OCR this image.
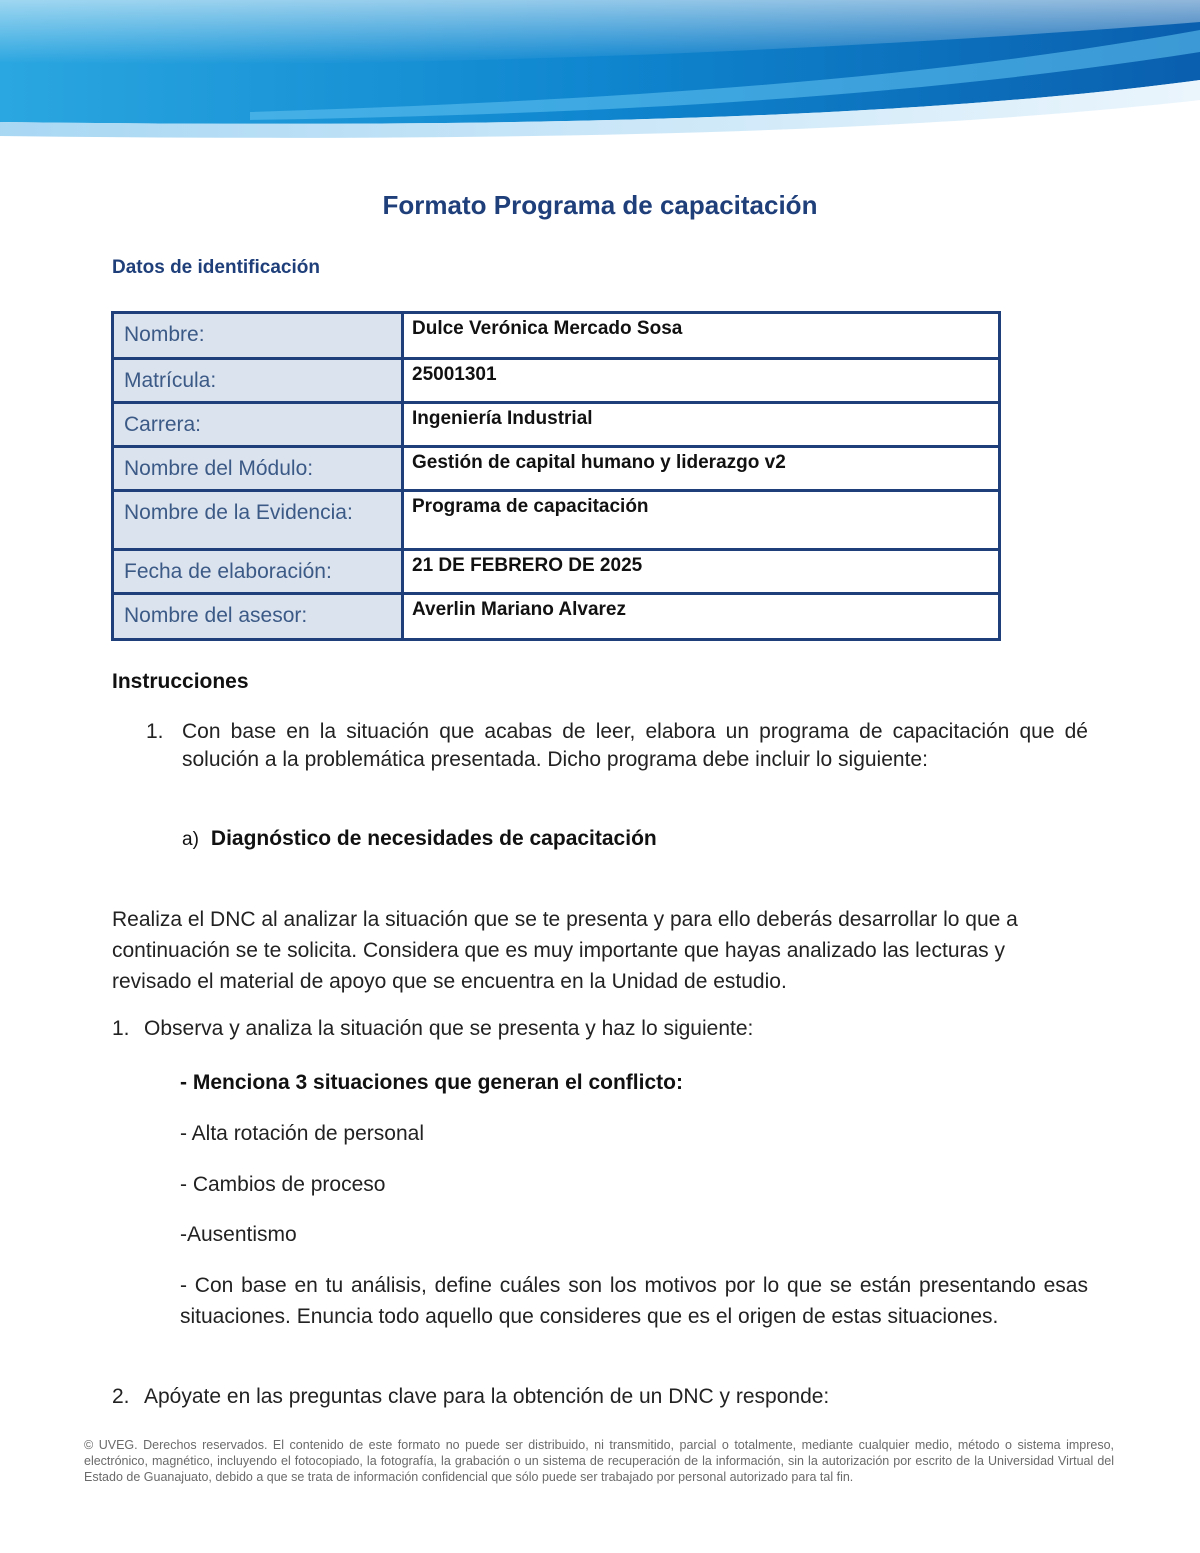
Formato Programa de capacitación
Datos de identificación
Nombre:	Dulce Verónica Mercado Sosa
Matrícula:	25001301
Carrera:	Ingeniería Industrial
Nombre del Módulo:	Gestión de capital humano y liderazgo v2
Nombre de la Evidencia:	Programa de capacitación
Fecha de elaboración:	21 DE FEBRERO DE 2025
Nombre del asesor:	Averlin Mariano Alvarez
Instrucciones
1. Con base en la situación que acabas de leer, elabora un programa de capacitación que dé solución a la problemática presentada. Dicho programa debe incluir lo siguiente:
a) Diagnóstico de necesidades de capacitación
Realiza el DNC al analizar la situación que se te presenta y para ello deberás desarrollar lo que a continuación se te solicita. Considera que es muy importante que hayas analizado las lecturas y revisado el material de apoyo que se encuentra en la Unidad de estudio.
1. Observa y analiza la situación que se presenta y haz lo siguiente:
- Menciona 3 situaciones que generan el conflicto:
- Alta rotación de personal
- Cambios de proceso
-Ausentismo
- Con base en tu análisis, define cuáles son los motivos por lo que se están presentando esas situaciones. Enuncia todo aquello que consideres que es el origen de estas situaciones.
2. Apóyate en las preguntas clave para la obtención de un DNC y responde:
© UVEG. Derechos reservados. El contenido de este formato no puede ser distribuido, ni transmitido, parcial o totalmente, mediante cualquier medio, método o sistema impreso, electrónico, magnético, incluyendo el fotocopiado, la fotografía, la grabación o un sistema de recuperación de la información, sin la autorización por escrito de la Universidad Virtual del Estado de Guanajuato, debido a que se trata de información confidencial que sólo puede ser trabajado por personal autorizado para tal fin.
